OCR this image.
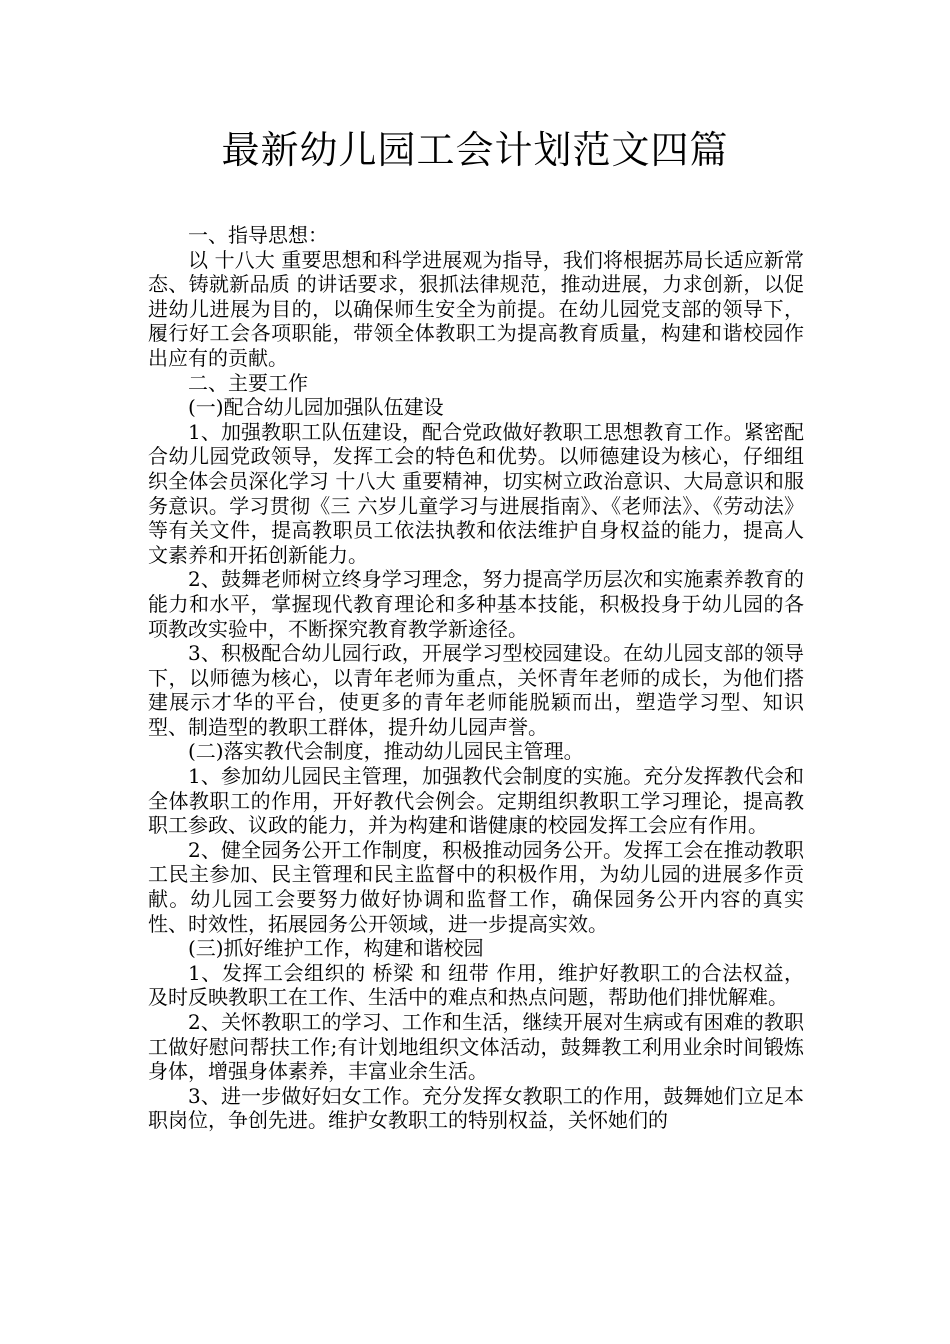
最新幼儿园工会计划范文四篇

一、指导思想：

以 十八大 重要思想和科学进展观为指导，我们将根据苏局长适应新常态、铸就新品质 的讲话要求，狠抓法律规范，推动进展，力求创新，以促进幼儿进展为目的，以确保师生安全为前提。在幼儿园党支部的领导下，履行好工会各项职能，带领全体教职工为提高教育质量，构建和谐校园作出应有的贡献。

二、主要工作

(一)配合幼儿园加强队伍建设

1、加强教职工队伍建设，配合党政做好教职工思想教育工作。紧密配合幼儿园党政领导，发挥工会的特色和优势。以师德建设为核心，仔细组织全体会员深化学习 十八大 重要精神，切实树立政治意识、大局意识和服务意识。学习贯彻《三 六岁儿童学习与进展指南》、《老师法》、《劳动法》等有关文件，提高教职员工依法执教和依法维护自身权益的能力，提高人文素养和开拓创新能力。

2、鼓舞老师树立终身学习理念，努力提高学历层次和实施素养教育的能力和水平，掌握现代教育理论和多种基本技能，积极投身于幼儿园的各项教改实验中，不断探究教育教学新途径。

3、积极配合幼儿园行政，开展学习型校园建设。在幼儿园支部的领导下，以师德为核心，以青年老师为重点，关怀青年老师的成长，为他们搭建展示才华的平台，使更多的青年老师能脱颖而出，塑造学习型、知识型、制造型的教职工群体，提升幼儿园声誉。

(二)落实教代会制度，推动幼儿园民主管理。

1、参加幼儿园民主管理，加强教代会制度的实施。充分发挥教代会和全体教职工的作用，开好教代会例会。定期组织教职工学习理论，提高教职工参政、议政的能力，并为构建和谐健康的校园发挥工会应有作用。

2、健全园务公开工作制度，积极推动园务公开。发挥工会在推动教职工民主参加、民主管理和民主监督中的积极作用，为幼儿园的进展多作贡献。幼儿园工会要努力做好协调和监督工作，确保园务公开内容的真实性、时效性，拓展园务公开领域，进一步提高实效。

(三)抓好维护工作，构建和谐校园

1、发挥工会组织的 桥梁 和 纽带 作用，维护好教职工的合法权益，及时反映教职工在工作、生活中的难点和热点问题，帮助他们排忧解难。

2、关怀教职工的学习、工作和生活，继续开展对生病或有困难的教职工做好慰问帮扶工作;有计划地组织文体活动，鼓舞教工利用业余时间锻炼身体，增强身体素养，丰富业余生活。

3、进一步做好妇女工作。充分发挥女教职工的作用，鼓舞她们立足本职岗位，争创先进。维护女教职工的特别权益，关怀她们的
